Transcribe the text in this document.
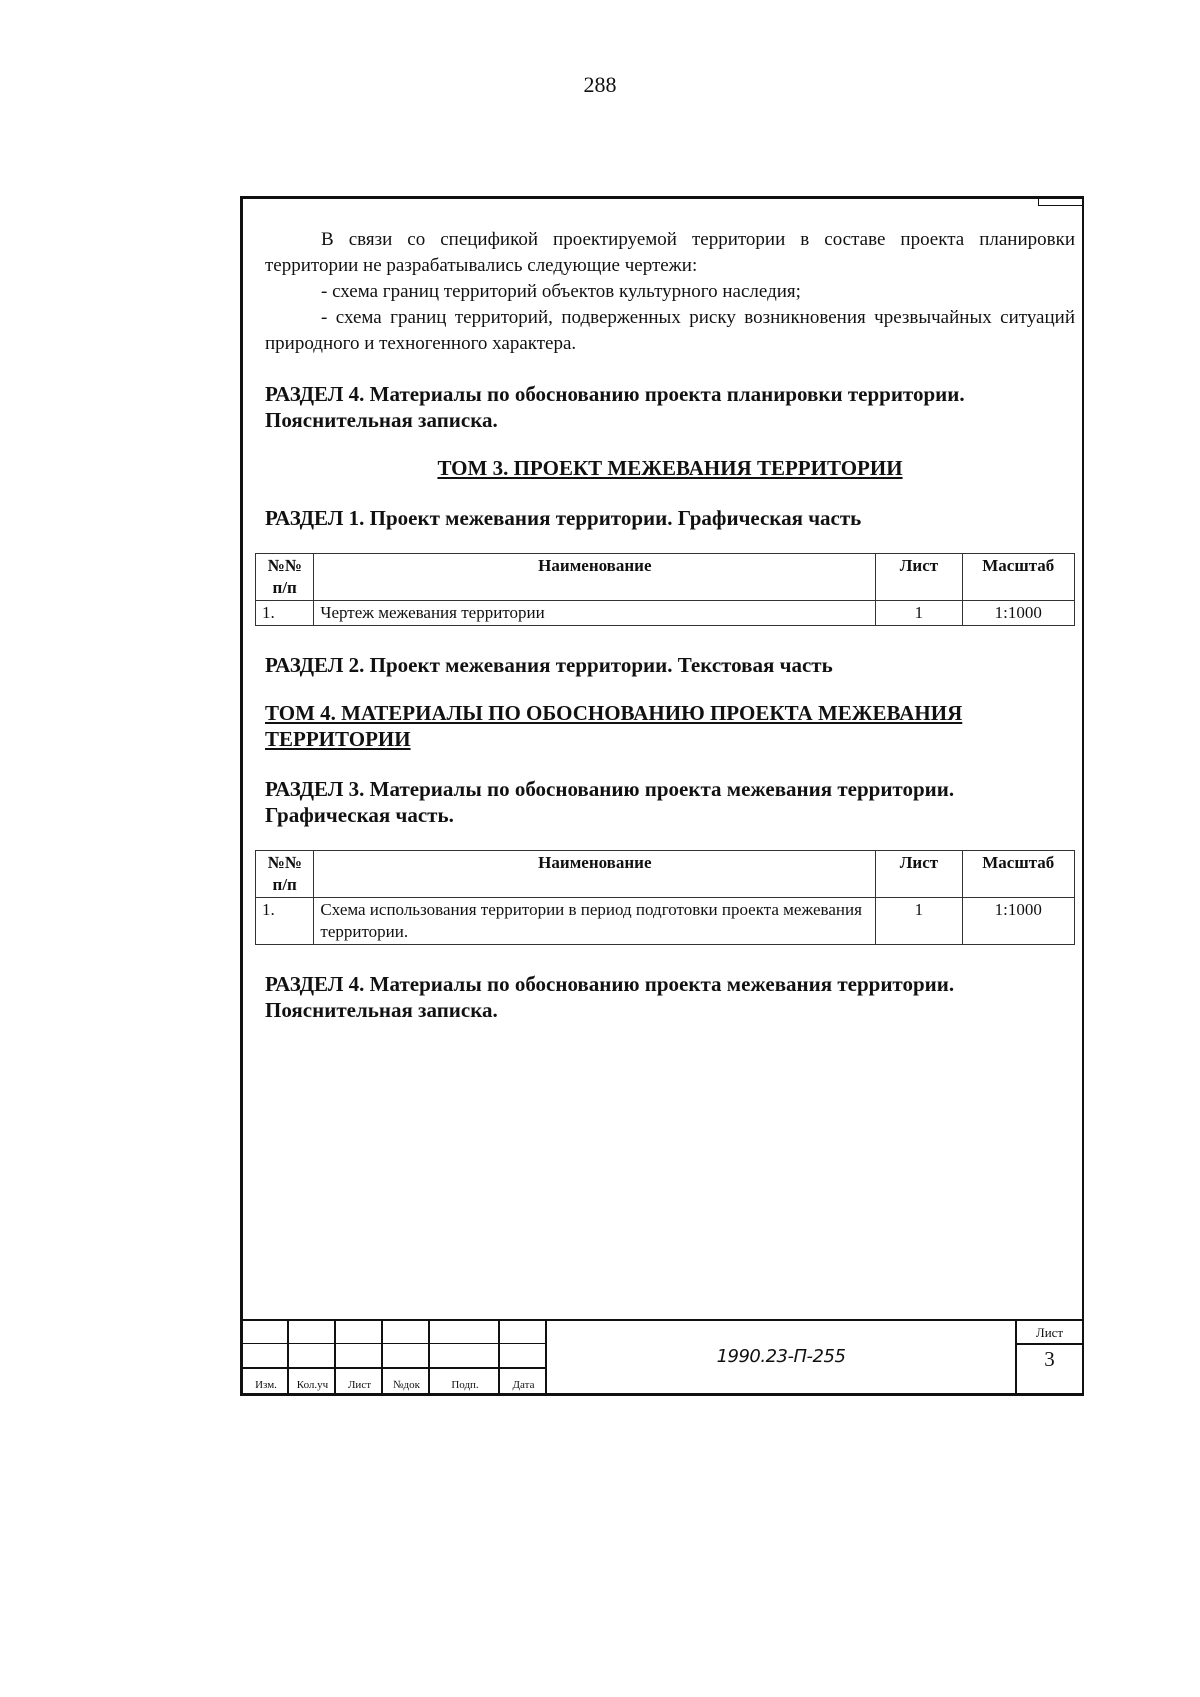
288

В связи со спецификой проектируемой территории в составе проекта планировки территории не разрабатывались следующие чертежи:

- схема границ территорий объектов культурного наследия;

- схема границ территорий, подверженных риску возникновения чрезвычайных ситуаций природного и техногенного характера.

РАЗДЕЛ 4. Материалы по обоснованию проекта планировки территории. Пояснительная записка.

ТОМ 3. ПРОЕКТ МЕЖЕВАНИЯ ТЕРРИТОРИИ

РАЗДЕЛ 1. Проект межевания территории. Графическая часть

№№ п/п	Наименование	Лист	Масштаб
1.	Чертеж межевания территории	1	1:1000

РАЗДЕЛ 2. Проект межевания территории. Текстовая часть

ТОМ 4. МАТЕРИАЛЫ ПО ОБОСНОВАНИЮ ПРОЕКТА МЕЖЕВАНИЯ ТЕРРИТОРИИ

РАЗДЕЛ 3. Материалы по обоснованию проекта межевания территории. Графическая часть.

№№ п/п	Наименование	Лист	Масштаб
1.	Схема использования территории в период подготовки проекта межевания территории.	1	1:1000

РАЗДЕЛ 4. Материалы по обоснованию проекта межевания территории. Пояснительная записка.

Изм.	Кол.уч	Лист	№док	Подп.	Дата
1990.23-П-255
Лист
3
